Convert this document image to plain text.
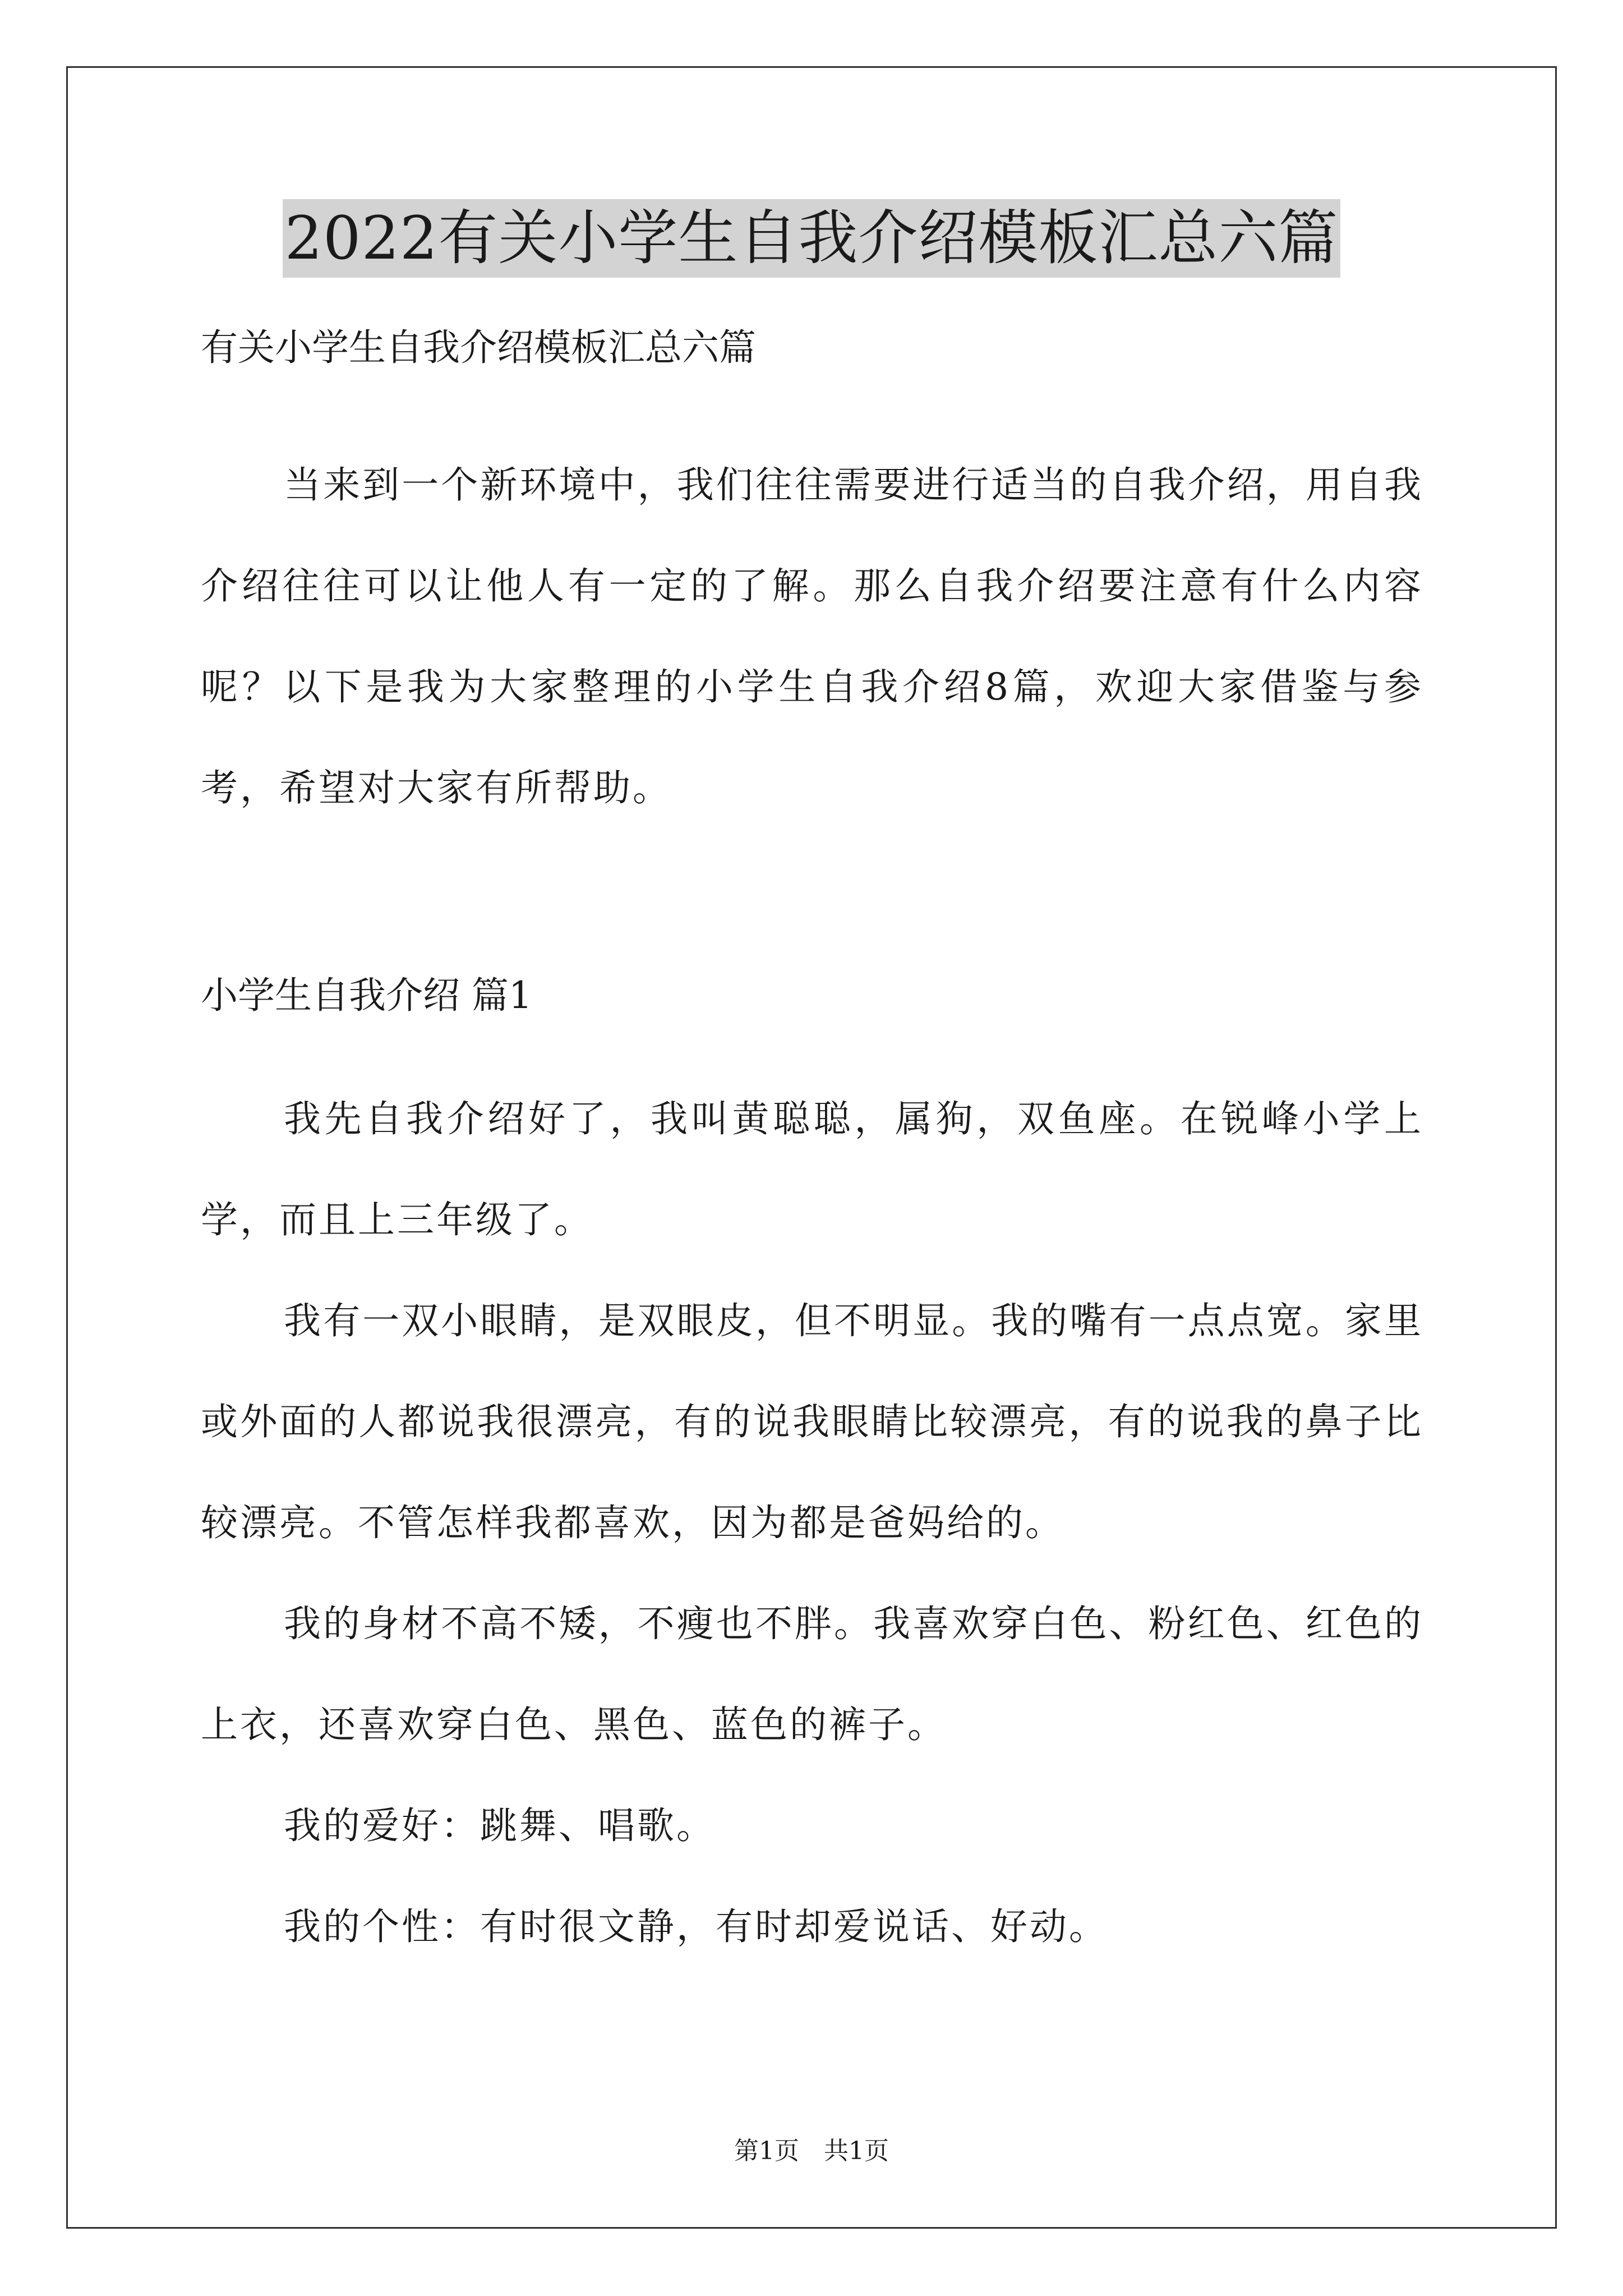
2022有关小学生自我介绍模板汇总六篇

有关小学生自我介绍模板汇总六篇

当来到一个新环境中，我们往往需要进行适当的自我介绍，用自我介绍往往可以让他人有一定的了解。那么自我介绍要注意有什么内容呢？以下是我为大家整理的小学生自我介绍8篇，欢迎大家借鉴与参考，希望对大家有所帮助。

小学生自我介绍 篇1

我先自我介绍好了，我叫黄聪聪，属狗，双鱼座。在锐峰小学上学，而且上三年级了。

我有一双小眼睛，是双眼皮，但不明显。我的嘴有一点点宽。家里或外面的人都说我很漂亮，有的说我眼睛比较漂亮，有的说我的鼻子比较漂亮。不管怎样我都喜欢，因为都是爸妈给的。

我的身材不高不矮，不瘦也不胖。我喜欢穿白色、粉红色、红色的上衣，还喜欢穿白色、黑色、蓝色的裤子。

我的爱好：跳舞、唱歌。

我的个性：有时很文静，有时却爱说话、好动。

第1页　共1页
